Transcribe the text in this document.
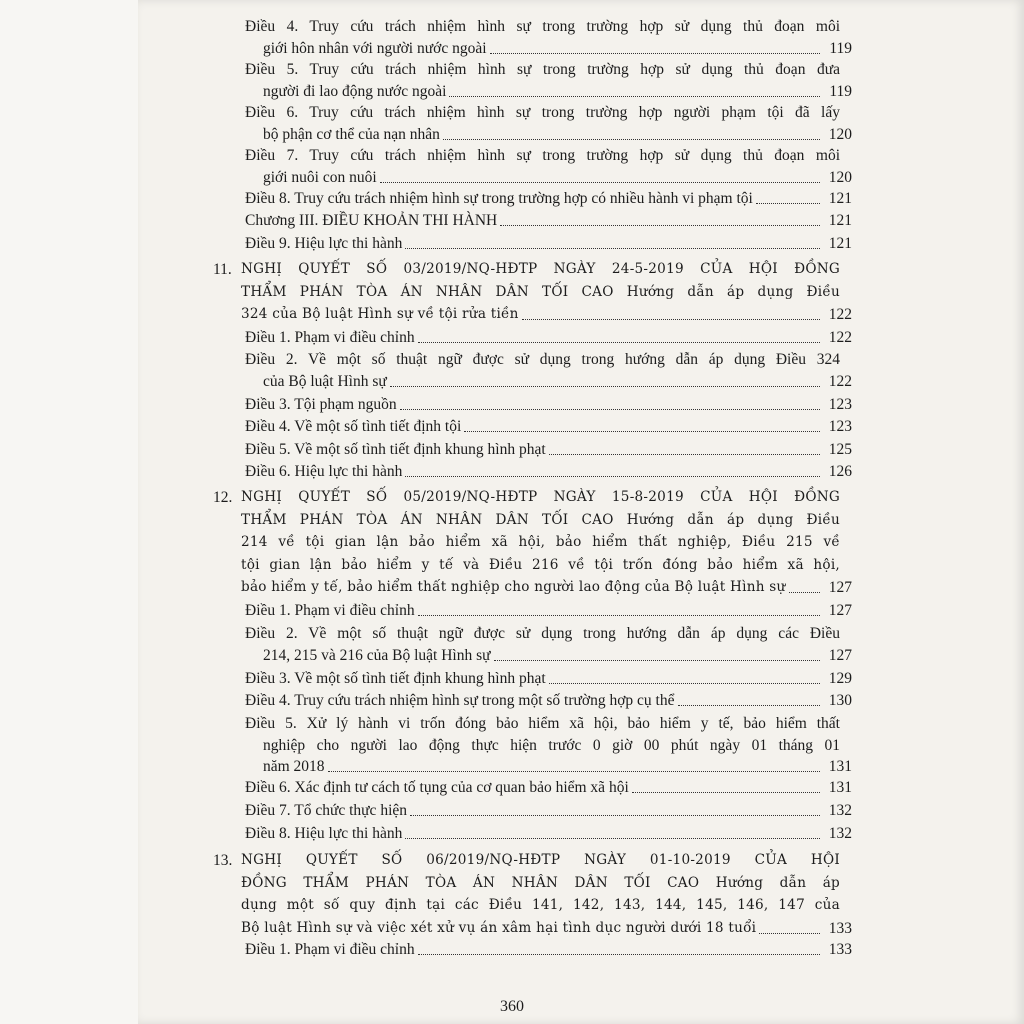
Điều 4. Truy cứu trách nhiệm hình sự trong trường hợp sử dụng thủ đoạn môi
giới hôn nhân với người nước ngoài	119
Điều 5. Truy cứu trách nhiệm hình sự trong trường hợp sử dụng thủ đoạn đưa
người đi lao động nước ngoài	119
Điều 6. Truy cứu trách nhiệm hình sự trong trường hợp người phạm tội đã lấy
bộ phận cơ thể của nạn nhân	120
Điều 7. Truy cứu trách nhiệm hình sự trong trường hợp sử dụng thủ đoạn môi
giới nuôi con nuôi	120
Điều 8. Truy cứu trách nhiệm hình sự trong trường hợp có nhiều hành vi phạm tội	121
Chương III. ĐIỀU KHOẢN THI HÀNH	121
Điều 9. Hiệu lực thi hành	121
11. NGHỊ QUYẾT SỐ 03/2019/NQ-HĐTP NGÀY 24-5-2019 CỦA HỘI ĐỒNG
THẨM PHÁN TÒA ÁN NHÂN DÂN TỐI CAO Hướng dẫn áp dụng Điều
324 của Bộ luật Hình sự về tội rửa tiền	122
Điều 1. Phạm vi điều chỉnh	122
Điều 2. Về một số thuật ngữ được sử dụng trong hướng dẫn áp dụng Điều 324
của Bộ luật Hình sự	122
Điều 3. Tội phạm nguồn	123
Điều 4. Về một số tình tiết định tội	123
Điều 5. Về một số tình tiết định khung hình phạt	125
Điều 6. Hiệu lực thi hành	126
12. NGHỊ QUYẾT SỐ 05/2019/NQ-HĐTP NGÀY 15-8-2019 CỦA HỘI ĐỒNG
THẨM PHÁN TÒA ÁN NHÂN DÂN TỐI CAO Hướng dẫn áp dụng Điều
214 về tội gian lận bảo hiểm xã hội, bảo hiểm thất nghiệp, Điều 215 về
tội gian lận bảo hiểm y tế và Điều 216 về tội trốn đóng bảo hiểm xã hội,
bảo hiểm y tế, bảo hiểm thất nghiệp cho người lao động của Bộ luật Hình sự	127
Điều 1. Phạm vi điều chỉnh	127
Điều 2. Về một số thuật ngữ được sử dụng trong hướng dẫn áp dụng các Điều
214, 215 và 216 của Bộ luật Hình sự	127
Điều 3. Về một số tình tiết định khung hình phạt	129
Điều 4. Truy cứu trách nhiệm hình sự trong một số trường hợp cụ thể	130
Điều 5. Xử lý hành vi trốn đóng bảo hiểm xã hội, bảo hiểm y tế, bảo hiểm thất
nghiệp cho người lao động thực hiện trước 0 giờ 00 phút ngày 01 tháng 01
năm 2018	131
Điều 6. Xác định tư cách tố tụng của cơ quan bảo hiểm xã hội	131
Điều 7. Tổ chức thực hiện	132
Điều 8. Hiệu lực thi hành	132
13. NGHỊ QUYẾT SỐ 06/2019/NQ-HĐTP NGÀY 01-10-2019 CỦA HỘI
ĐỒNG THẨM PHÁN TÒA ÁN NHÂN DÂN TỐI CAO Hướng dẫn áp
dụng một số quy định tại các Điều 141, 142, 143, 144, 145, 146, 147 của
Bộ luật Hình sự và việc xét xử vụ án xâm hại tình dục người dưới 18 tuổi	133
Điều 1. Phạm vi điều chỉnh	133
360
